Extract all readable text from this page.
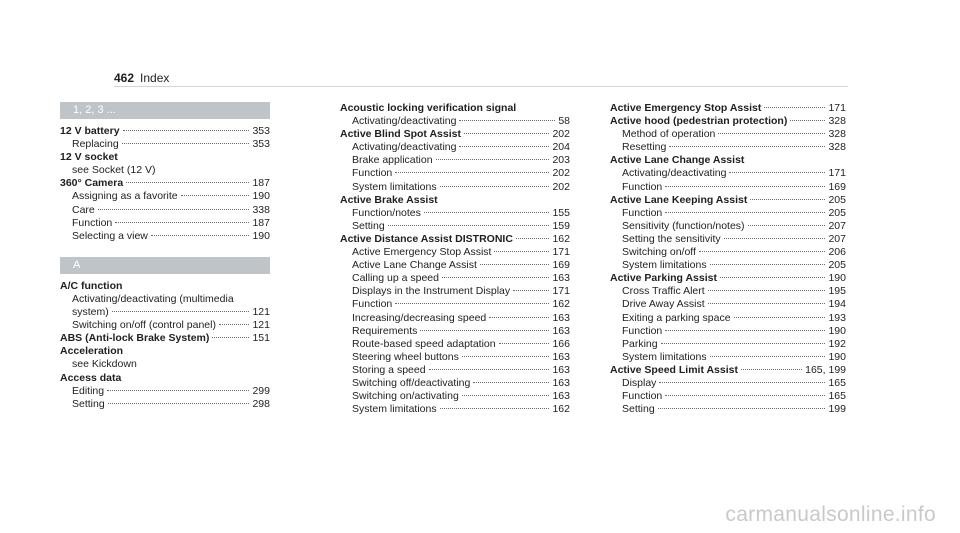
462 Index
1, 2, 3 ...
12 V battery	353
Replacing	353
12 V socket
see Socket (12 V)
360° Camera	187
Assigning as a favorite	190
Care	338
Function	187
Selecting a view	190
A
A/C function
Activating/deactivating (multimedia
system)	121
Switching on/off (control panel)	121
ABS (Anti-lock Brake System)	151
Acceleration
see Kickdown
Access data
Editing	299
Setting	298
Acoustic locking verification signal
Activating/deactivating	58
Active Blind Spot Assist	202
Activating/deactivating	204
Brake application	203
Function	202
System limitations	202
Active Brake Assist
Function/notes	155
Setting	159
Active Distance Assist DISTRONIC	162
Active Emergency Stop Assist	171
Active Lane Change Assist	169
Calling up a speed	163
Displays in the Instrument Display	171
Function	162
Increasing/decreasing speed	163
Requirements	163
Route-based speed adaptation	166
Steering wheel buttons	163
Storing a speed	163
Switching off/deactivating	163
Switching on/activating	163
System limitations	162
Active Emergency Stop Assist	171
Active hood (pedestrian protection)	328
Method of operation	328
Resetting	328
Active Lane Change Assist
Activating/deactivating	171
Function	169
Active Lane Keeping Assist	205
Function	205
Sensitivity (function/notes)	207
Setting the sensitivity	207
Switching on/off	206
System limitations	205
Active Parking Assist	190
Cross Traffic Alert	195
Drive Away Assist	194
Exiting a parking space	193
Function	190
Parking	192
System limitations	190
Active Speed Limit Assist	165, 199
Display	165
Function	165
Setting	199
carmanualsonline.info
